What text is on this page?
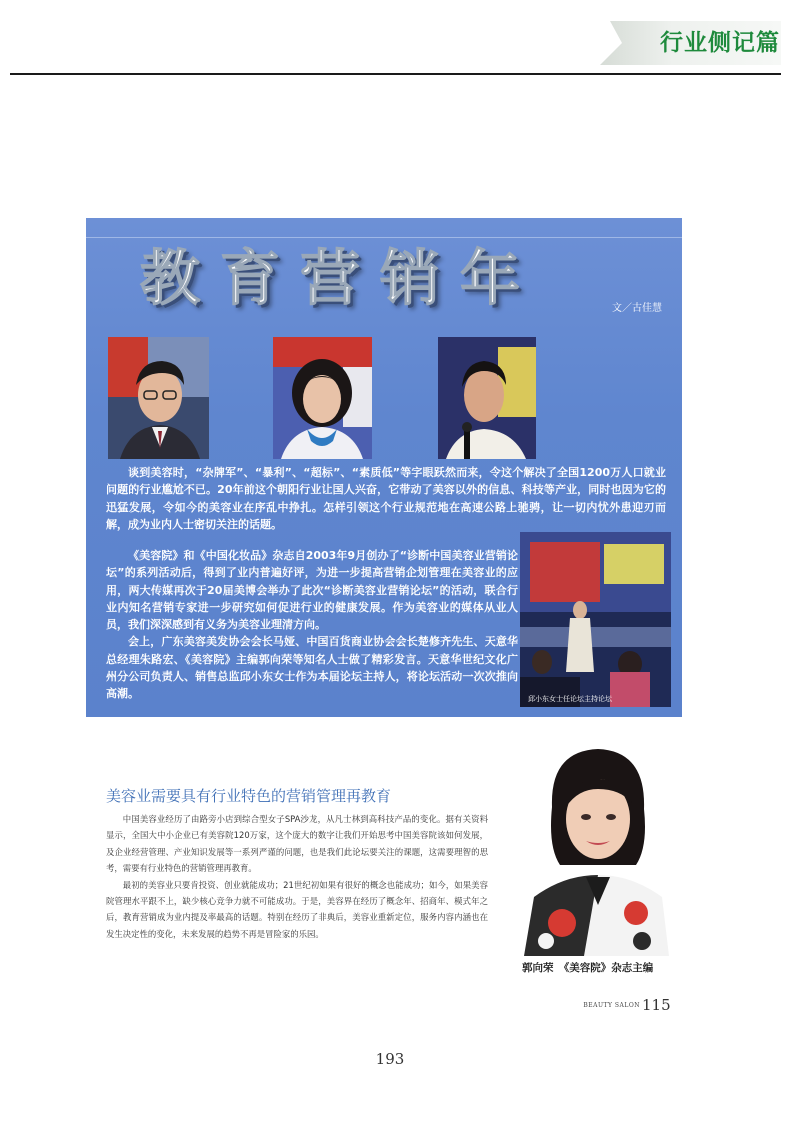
行业侧记篇
教育营销年	文／古佳慧

谈到美容时，“杂牌军”、“暴利”、“超标”、“素质低”等字眼跃然而来，令这个解决了全国1200万人口就业问题的行业尴尬不已。20年前这个朝阳行业让国人兴奋，它带动了美容以外的信息、科技等产业，同时也因为它的迅猛发展，令如今的美容业在序乱中挣扎。怎样引领这个行业规范地在高速公路上驰骋，让一切内忧外患迎刃而解，成为业内人士密切关注的话题。

《美容院》和《中国化妆品》杂志自2003年9月创办了“诊断中国美容业营销论坛”的系列活动后，得到了业内普遍好评，为进一步提高营销企划管理在美容业的应用，两大传媒再次于20届美博会举办了此次“诊断美容业营销论坛”的活动，联合行业内知名营销专家进一步研究如何促进行业的健康发展。作为美容业的媒体从业人员，我们深深感到有义务为美容业理清方向。

会上，广东美容美发协会会长马娅、中国百货商业协会会长楚修齐先生、天意华总经理朱路宏、《美容院》主编郭向荣等知名人士做了精彩发言。天意华世纪文化广州分公司负责人、销售总监邱小东女士作为本届论坛主持人，将论坛活动一次次推向高潮。	邱小东女士任论坛主持论坛
美容业需要具有行业特色的营销管理再教育

中国美容业经历了由路旁小店到综合型女子SPA沙龙，从凡士林到高科技产品的变化。据有关资料显示，全国大中小企业已有美容院120万家，这个庞大的数字让我们开始思考中国美容院该如何发展，及企业经营管理、产业知识发展等一系列严谨的问题，也是我们此论坛要关注的课题，这需要理智的思考，需要有行业特色的营销管理再教育。

最初的美容业只要肯投资、创业就能成功；21世纪初如果有很好的概念也能成功；如今，如果美容院管理水平跟不上，缺少核心竞争力就不可能成功。于是，美容界在经历了概念年、招商年、模式年之后，教育营销成为业内提及率最高的话题。特别在经历了非典后，美容业重新定位，服务内容内涵也在发生决定性的变化，未来发展的趋势不再是冒险家的乐园。

郭向荣　《美容院》杂志主编
BEAUTY SALON 115
193
